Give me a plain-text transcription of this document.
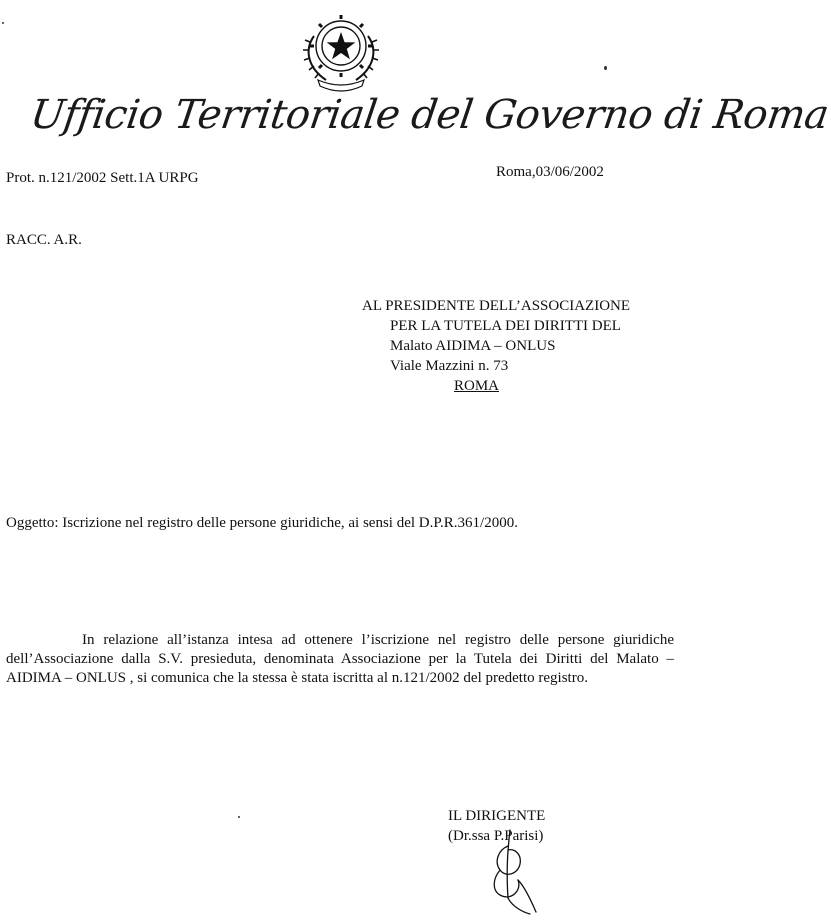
Ufficio Territoriale del Governo di Roma
Prot. n.121/2002 Sett.1A URPG	Roma,03/06/2002
RACC. A.R.
AL PRESIDENTE DELL’ASSOCIAZIONE
PER LA TUTELA DEI DIRITTI DEL
Malato AIDIMA – ONLUS
Viale Mazzini n. 73
ROMA
Oggetto: Iscrizione nel registro delle persone giuridiche, ai sensi del D.P.R.361/2000.
In relazione all’istanza intesa ad ottenere l’iscrizione nel registro delle persone giuridiche dell’Associazione dalla S.V. presieduta, denominata Associazione per la Tutela dei Diritti del Malato – AIDIMA – ONLUS , si comunica che la stessa è stata iscritta al n.121/2002 del predetto registro.
IL DIRIGENTE
(Dr.ssa P.Parisi)
